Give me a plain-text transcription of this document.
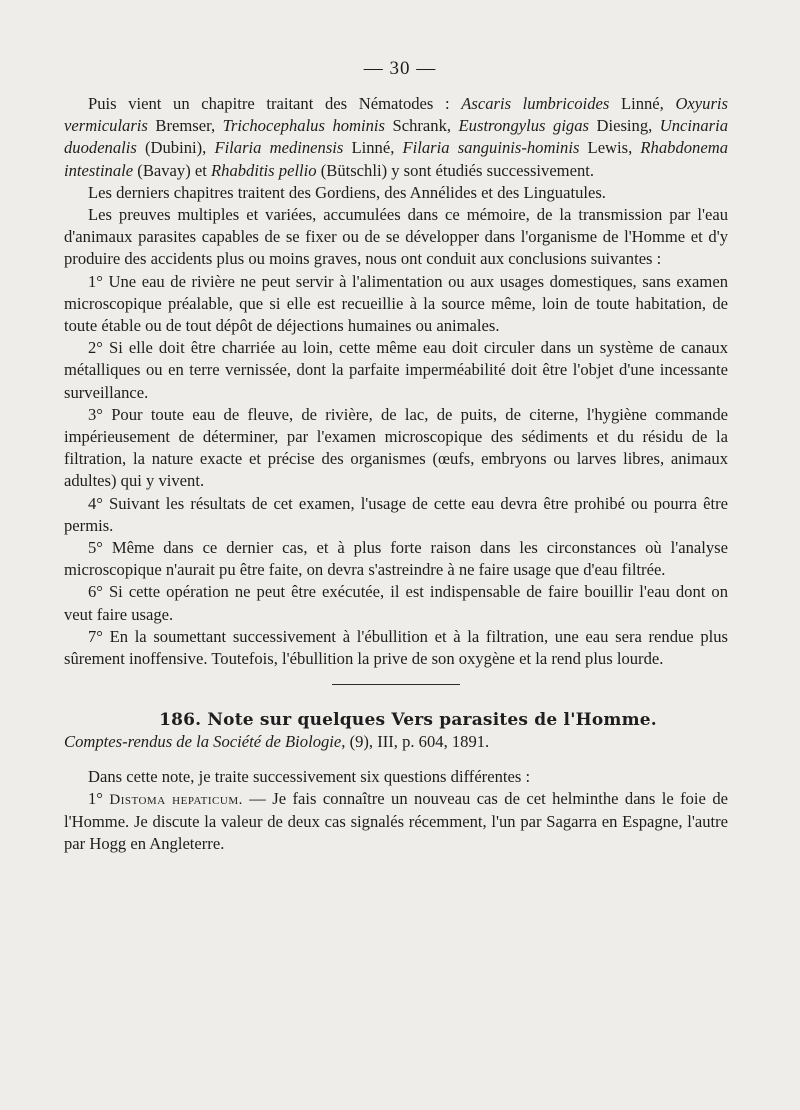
— 30 —

Puis vient un chapitre traitant des Nématodes : Ascaris lumbricoides Linné, Oxyuris vermicularis Bremser, Trichocephalus hominis Schrank, Eustrongylus gigas Diesing, Uncinaria duodenalis (Dubini), Filaria medinensis Linné, Filaria sanguinis-hominis Lewis, Rhabdonema intestinale (Bavay) et Rhabditis pellio (Bütschli) y sont étudiés successivement.

Les derniers chapitres traitent des Gordiens, des Annélides et des Linguatules.

Les preuves multiples et variées, accumulées dans ce mémoire, de la transmission par l'eau d'animaux parasites capables de se fixer ou de se développer dans l'organisme de l'Homme et d'y produire des accidents plus ou moins graves, nous ont conduit aux conclusions suivantes :

1° Une eau de rivière ne peut servir à l'alimentation ou aux usages domestiques, sans examen microscopique préalable, que si elle est recueillie à la source même, loin de toute habitation, de toute étable ou de tout dépôt de déjections humaines ou animales.

2° Si elle doit être charriée au loin, cette même eau doit circuler dans un système de canaux métalliques ou en terre vernissée, dont la parfaite imperméabilité doit être l'objet d'une incessante surveillance.

3° Pour toute eau de fleuve, de rivière, de lac, de puits, de citerne, l'hygiène commande impérieusement de déterminer, par l'examen microscopique des sédiments et du résidu de la filtration, la nature exacte et précise des organismes (œufs, embryons ou larves libres, animaux adultes) qui y vivent.

4° Suivant les résultats de cet examen, l'usage de cette eau devra être prohibé ou pourra être permis.

5° Même dans ce dernier cas, et à plus forte raison dans les circonstances où l'analyse microscopique n'aurait pu être faite, on devra s'astreindre à ne faire usage que d'eau filtrée.

6° Si cette opération ne peut être exécutée, il est indispensable de faire bouillir l'eau dont on veut faire usage.

7° En la soumettant successivement à l'ébullition et à la filtration, une eau sera rendue plus sûrement inoffensive. Toutefois, l'ébullition la prive de son oxygène et la rend plus lourde.

186. Note sur quelques Vers parasites de l'Homme.

Comptes-rendus de la Société de Biologie, (9), III, p. 604, 1891.

Dans cette note, je traite successivement six questions différentes :

1° Distoma hepaticum. — Je fais connaître un nouveau cas de cet helminthe dans le foie de l'Homme. Je discute la valeur de deux cas signalés récemment, l'un par Sagarra en Espagne, l'autre par Hogg en Angleterre.
